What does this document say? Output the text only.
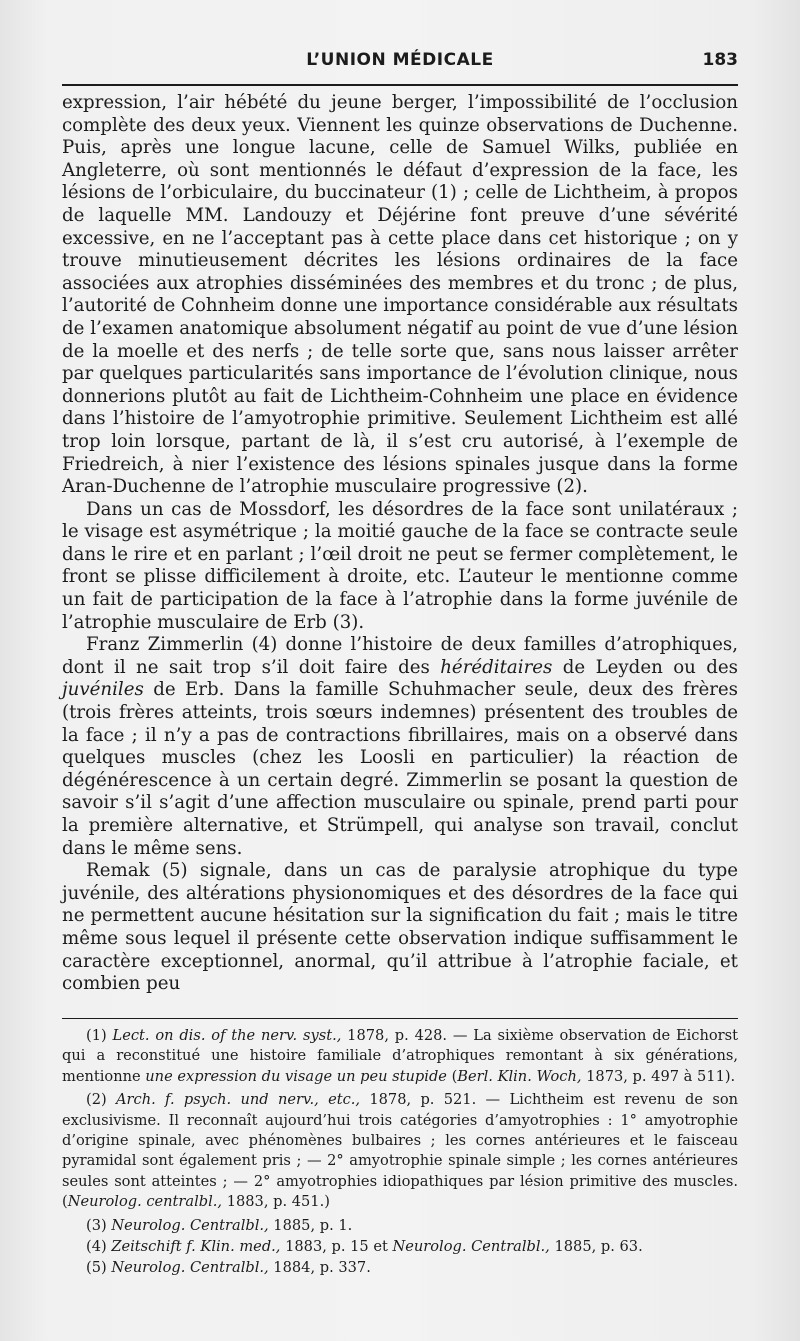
L’UNION MÉDICALE	183

expression, l’air hébété du jeune berger, l’impossibilité de l’occlusion complète des deux yeux. Viennent les quinze observations de Duchenne. Puis, après une longue lacune, celle de Samuel Wilks, publiée en Angleterre, où sont mentionnés le défaut d’expression de la face, les lésions de l’orbiculaire, du buccinateur (1) ; celle de Lichtheim, à propos de laquelle MM. Landouzy et Déjérine font preuve d’une sévérité excessive, en ne l’acceptant pas à cette place dans cet historique ; on y trouve minutieusement décrites les lésions ordinaires de la face associées aux atrophies disséminées des membres et du tronc ; de plus, l’autorité de Cohnheim donne une importance considérable aux résultats de l’examen anatomique absolument négatif au point de vue d’une lésion de la moelle et des nerfs ; de telle sorte que, sans nous laisser arrêter par quelques particularités sans importance de l’évolution clinique, nous donnerions plutôt au fait de Lichtheim-Cohnheim une place en évidence dans l’histoire de l’amyotrophie primitive. Seulement Lichtheim est allé trop loin lorsque, partant de là, il s’est cru autorisé, à l’exemple de Friedreich, à nier l’existence des lésions spinales jusque dans la forme Aran-Duchenne de l’atrophie musculaire progressive (2).

Dans un cas de Mossdorf, les désordres de la face sont unilatéraux ; le visage est asymétrique ; la moitié gauche de la face se contracte seule dans le rire et en parlant ; l’œil droit ne peut se fermer complètement, le front se plisse difficilement à droite, etc. L’auteur le mentionne comme un fait de participation de la face à l’atrophie dans la forme juvénile de l’atrophie musculaire de Erb (3).

Franz Zimmerlin (4) donne l’histoire de deux familles d’atrophiques, dont il ne sait trop s’il doit faire des héréditaires de Leyden ou des juvéniles de Erb. Dans la famille Schuhmacher seule, deux des frères (trois frères atteints, trois sœurs indemnes) présentent des troubles de la face ; il n’y a pas de contractions fibrillaires, mais on a observé dans quelques muscles (chez les Loosli en particulier) la réaction de dégénérescence à un certain degré. Zimmerlin se posant la question de savoir s’il s’agit d’une affection musculaire ou spinale, prend parti pour la première alternative, et Strümpell, qui analyse son travail, conclut dans le même sens.

Remak (5) signale, dans un cas de paralysie atrophique du type juvénile, des altérations physionomiques et des désordres de la face qui ne permettent aucune hésitation sur la signification du fait ; mais le titre même sous lequel il présente cette observation indique suffisamment le caractère exceptionnel, anormal, qu’il attribue à l’atrophie faciale, et combien peu

(1) Lect. on dis. of the nerv. syst., 1878, p. 428. — La sixième observation de Eichorst qui a reconstitué une histoire familiale d’atrophiques remontant à six générations, mentionne une expression du visage un peu stupide (Berl. Klin. Woch, 1873, p. 497 à 511).

(2) Arch. f. psych. und nerv., etc., 1878, p. 521. — Lichtheim est revenu de son exclusivisme. Il reconnaît aujourd’hui trois catégories d’amyotrophies : 1° amyotrophie d’origine spinale, avec phénomènes bulbaires ; les cornes antérieures et le faisceau pyramidal sont également pris ; — 2° amyotrophie spinale simple ; les cornes antérieures seules sont atteintes ; — 2° amyotrophies idiopathiques par lésion primitive des muscles. (Neurolog. centralbl., 1883, p. 451.)

(3) Neurolog. Centralbl., 1885, p. 1.

(4) Zeitschift f. Klin. med., 1883, p. 15 et Neurolog. Centralbl., 1885, p. 63.

(5) Neurolog. Centralbl., 1884, p. 337.
